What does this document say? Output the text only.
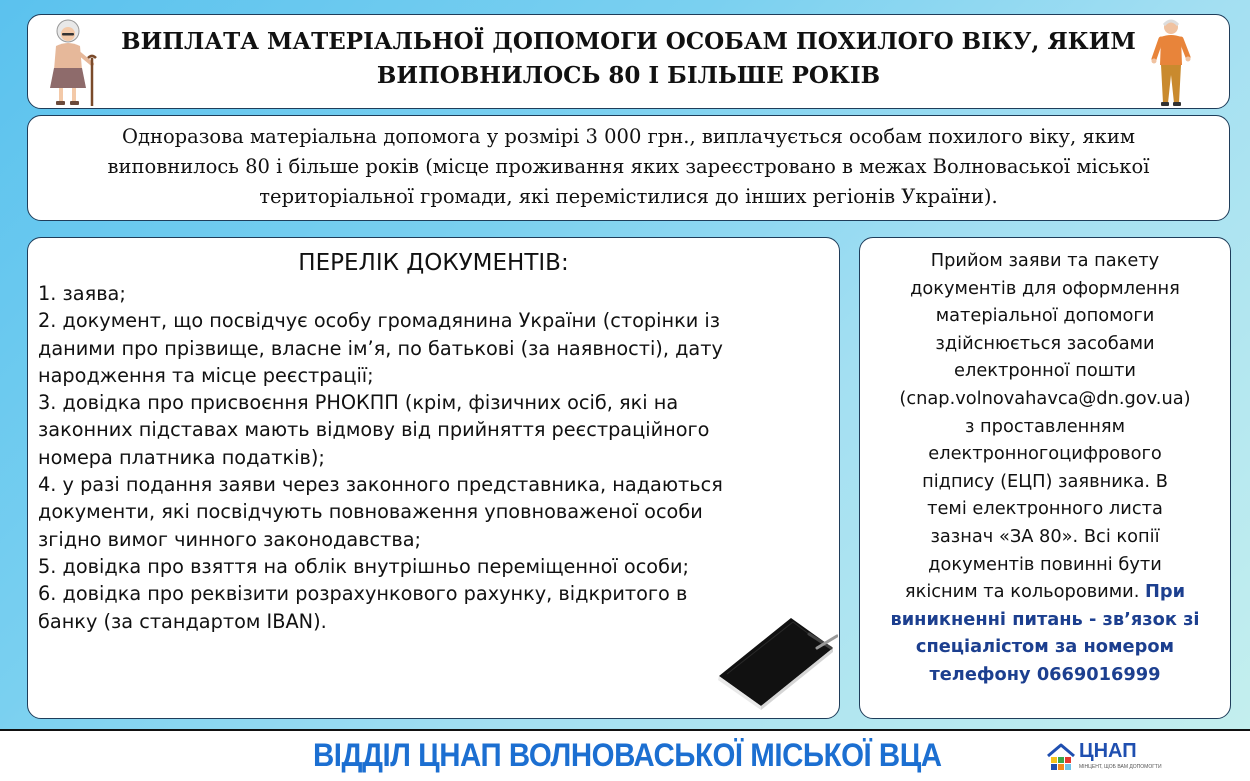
ВИПЛАТА МАТЕРІАЛЬНОЇ ДОПОМОГИ ОСОБАМ ПОХИЛОГО ВІКУ, ЯКИМ
ВИПОВНИЛОСЬ 80 І БІЛЬШЕ РОКІВ
Одноразова матеріальна допомога у розмірі 3 000 грн., виплачується особам похилого віку, яким
виповнилось 80 і більше років (місце проживання яких зареєстровано в межах Волноваської міської
територіальної громади, які перемістилися до інших регіонів України).
ПЕРЕЛІК ДОКУМЕНТІВ:
1. заява;
2. документ, що посвідчує особу громадянина України (сторінки із
даними про прізвище, власне ім’я, по батькові (за наявності), дату
народження та місце реєстрації;
3. довідка про присвоєння РНОКПП (крім, фізичних осіб, які на
законних підставах мають відмову від прийняття реєстраційного
номера платника податків);
4. у разі подання заяви через законного представника, надаються
документи, які посвідчують повноваження уповноваженої особи
згідно вимог чинного законодавства;
5. довідка про взяття на облік внутрішньо переміщенної особи;
6. довідка про реквізити розрахункового рахунку, відкритого в
банку (за стандартом IBAN).
Прийом заяви та пакету
документів для оформлення
матеріальної допомоги
здійснюється засобами
електронної пошти
(cnap.volnovahavca@dn.gov.ua)
з проставленням
електронногоцифрового
підпису (ЕЦП) заявника. В
темі електронного листа
зазнач «ЗА 80». Всі копії
документів повинні бути
якісним та кольоровими. При
виникненні питань - зв’язок зі
спеціалістом за номером
телефону 0669016999
ВІДДІЛ ЦНАП ВОЛНОВАСЬКОЇ МІСЬКОЇ ВЦА	ЦНАП
МІНЦЕНТ, ЩОБ ВАМ ДОПОМОГТИ
